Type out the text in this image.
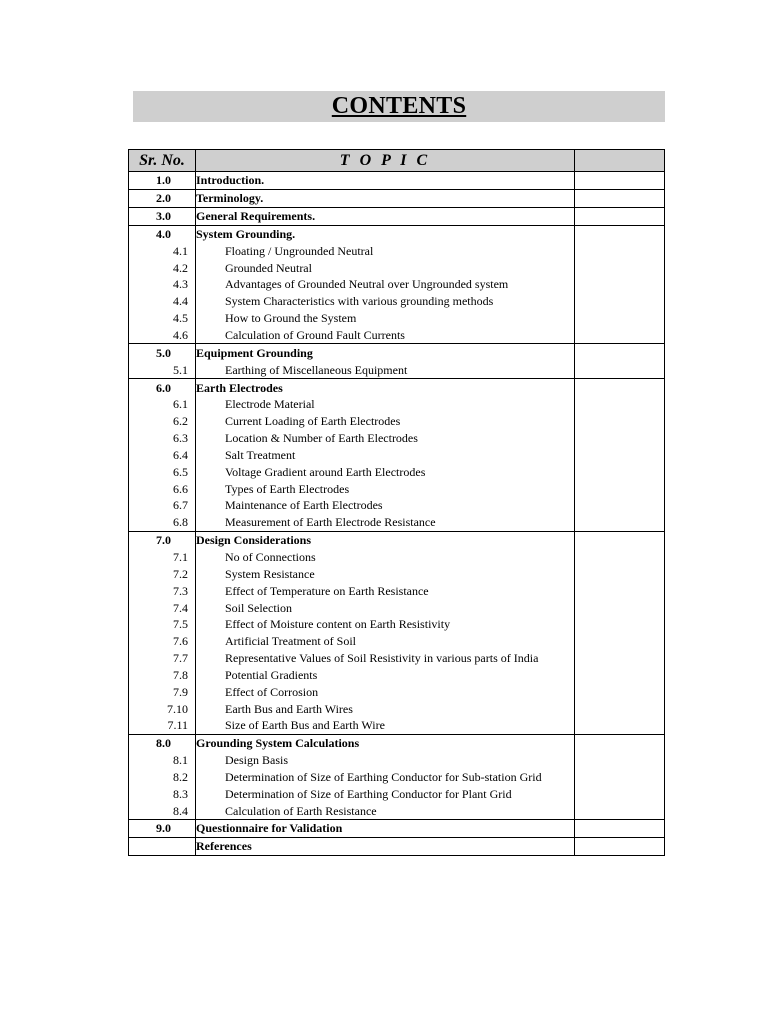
CONTENTS
Sr. No.	T O P I C	
1.0	Introduction.	
2.0	Terminology.	
3.0	General Requirements.	
4.0	System Grounding.	
4.1	Floating / Ungrounded Neutral	
4.2	Grounded Neutral	
4.3	Advantages of Grounded Neutral over Ungrounded system	
4.4	System Characteristics with various grounding methods	
4.5	How to Ground the System	
4.6	Calculation of Ground Fault Currents	
5.0	Equipment Grounding	
5.1	Earthing of Miscellaneous Equipment	
6.0	Earth Electrodes	
6.1	Electrode Material	
6.2	Current Loading of Earth Electrodes	
6.3	Location & Number of Earth Electrodes	
6.4	Salt Treatment	
6.5	Voltage Gradient around Earth Electrodes	
6.6	Types of Earth Electrodes	
6.7	Maintenance of Earth Electrodes	
6.8	Measurement of Earth Electrode Resistance	
7.0	Design Considerations	
7.1	No of Connections	
7.2	System Resistance	
7.3	Effect of Temperature on Earth Resistance	
7.4	Soil Selection	
7.5	Effect of Moisture content on Earth Resistivity	
7.6	Artificial Treatment of Soil	
7.7	Representative Values of Soil Resistivity in various parts of India	
7.8	Potential Gradients	
7.9	Effect of Corrosion	
7.10	Earth Bus and Earth Wires	
7.11	Size of Earth Bus and Earth Wire	
8.0	Grounding System Calculations	
8.1	Design Basis	
8.2	Determination of Size of Earthing Conductor for Sub-station Grid	
8.3	Determination of Size of Earthing Conductor for Plant Grid	
8.4	Calculation of Earth Resistance	
9.0	Questionnaire for Validation	
	References	
